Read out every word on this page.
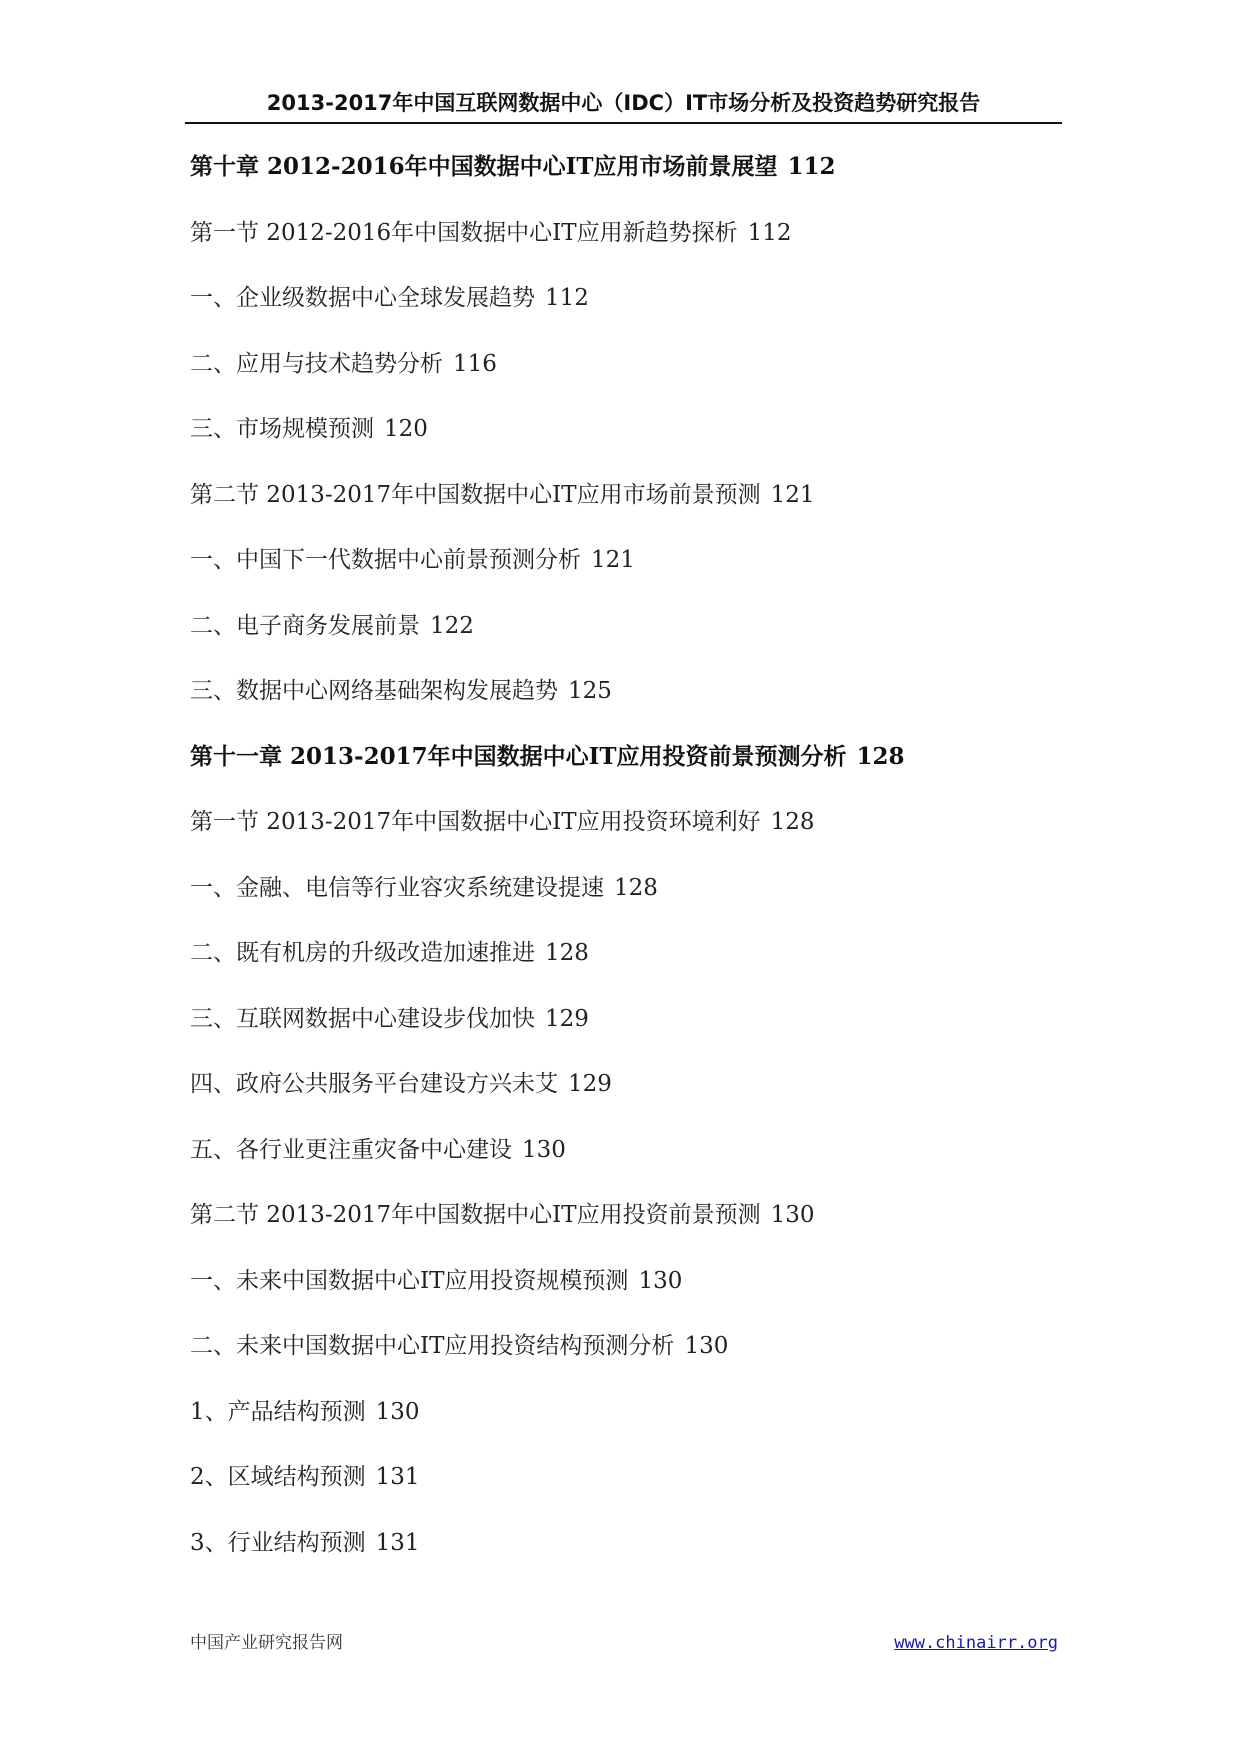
2013-2017年中国互联网数据中心（IDC）IT市场分析及投资趋势研究报告
第十章 2012-2016年中国数据中心IT应用市场前景展望 112
第一节 2012-2016年中国数据中心IT应用新趋势探析 112
一、企业级数据中心全球发展趋势 112
二、应用与技术趋势分析 116
三、市场规模预测 120
第二节 2013-2017年中国数据中心IT应用市场前景预测 121
一、中国下一代数据中心前景预测分析 121
二、电子商务发展前景 122
三、数据中心网络基础架构发展趋势 125
第十一章 2013-2017年中国数据中心IT应用投资前景预测分析 128
第一节 2013-2017年中国数据中心IT应用投资环境利好 128
一、金融、电信等行业容灾系统建设提速 128
二、既有机房的升级改造加速推进 128
三、互联网数据中心建设步伐加快 129
四、政府公共服务平台建设方兴未艾 129
五、各行业更注重灾备中心建设 130
第二节 2013-2017年中国数据中心IT应用投资前景预测 130
一、未来中国数据中心IT应用投资规模预测 130
二、未来中国数据中心IT应用投资结构预测分析 130
1、产品结构预测 130
2、区域结构预测 131
3、行业结构预测 131
中国产业研究报告网	www.chinairr.org
